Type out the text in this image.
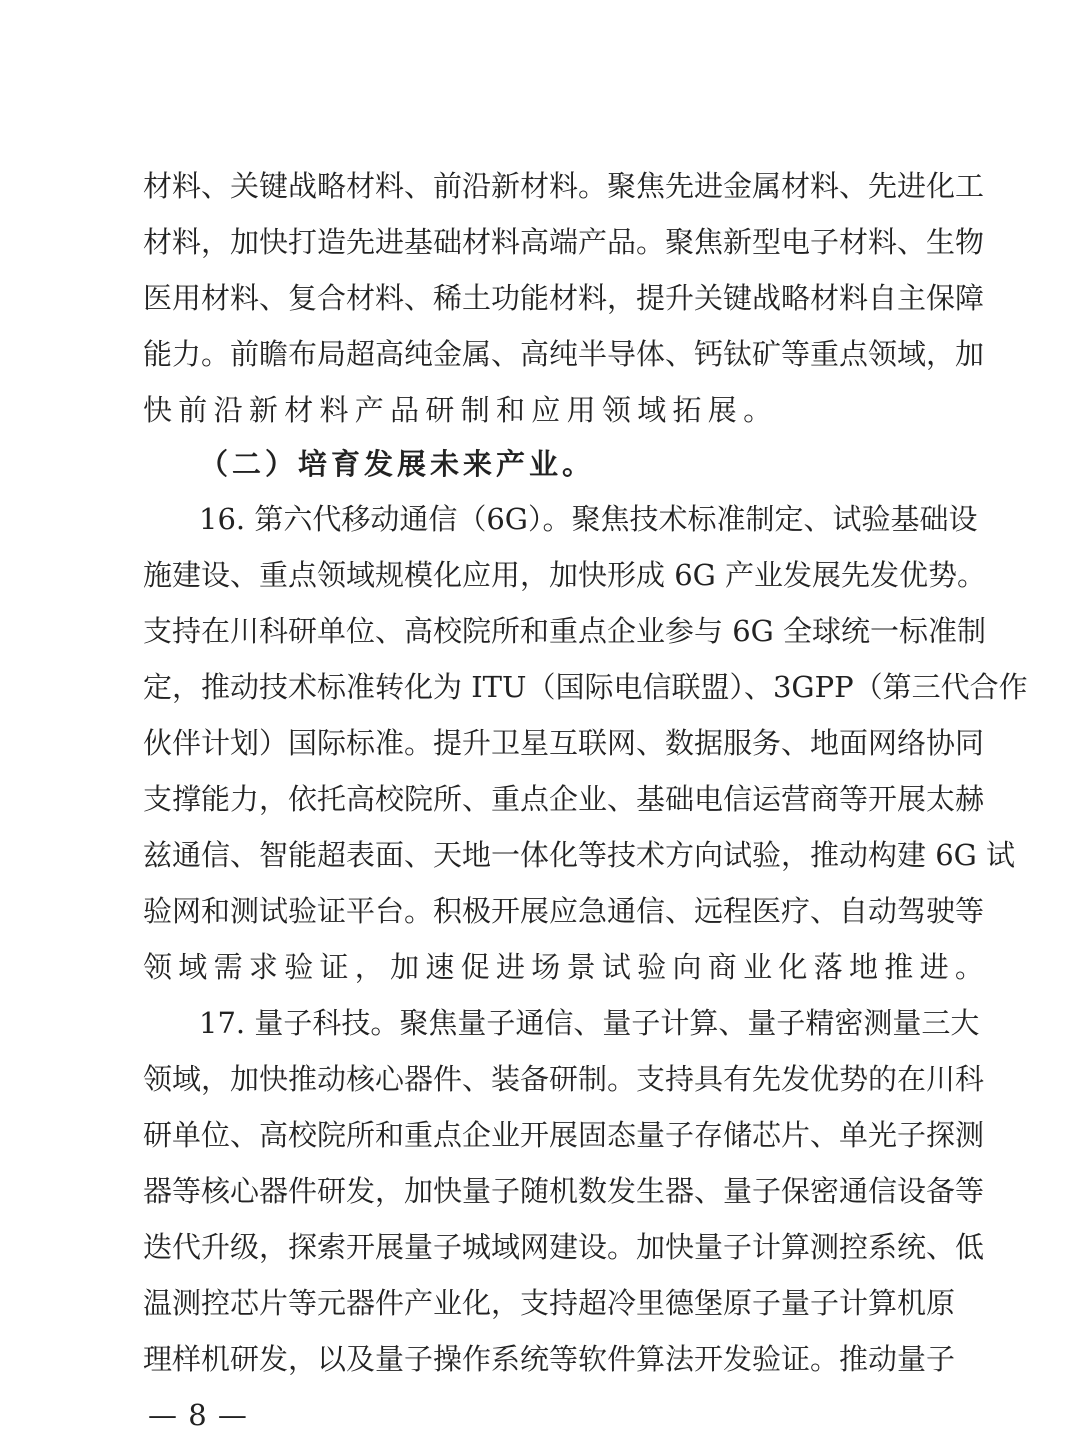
材料、关键战略材料、前沿新材料。聚焦先进金属材料、先进化工
材料，加快打造先进基础材料高端产品。聚焦新型电子材料、生物
医用材料、复合材料、稀土功能材料，提升关键战略材料自主保障
能力。前瞻布局超高纯金属、高纯半导体、钙钛矿等重点领域，加
快前沿新材料产品研制和应用领域拓展。
（二）培育发展未来产业。
16. 第六代移动通信（6G）。聚焦技术标准制定、试验基础设
施建设、重点领域规模化应用，加快形成 6G 产业发展先发优势。
支持在川科研单位、高校院所和重点企业参与 6G 全球统一标准制
定，推动技术标准转化为 ITU（国际电信联盟）、3GPP（第三代合作
伙伴计划）国际标准。提升卫星互联网、数据服务、地面网络协同
支撑能力，依托高校院所、重点企业、基础电信运营商等开展太赫
兹通信、智能超表面、天地一体化等技术方向试验，推动构建 6G 试
验网和测试验证平台。积极开展应急通信、远程医疗、自动驾驶等
领域需求验证，加速促进场景试验向商业化落地推进。
17. 量子科技。聚焦量子通信、量子计算、量子精密测量三大
领域，加快推动核心器件、装备研制。支持具有先发优势的在川科
研单位、高校院所和重点企业开展固态量子存储芯片、单光子探测
器等核心器件研发，加快量子随机数发生器、量子保密通信设备等
迭代升级，探索开展量子城域网建设。加快量子计算测控系统、低
温测控芯片等元器件产业化，支持超冷里德堡原子量子计算机原
理样机研发，以及量子操作系统等软件算法开发验证。推动量子
— 8 —
